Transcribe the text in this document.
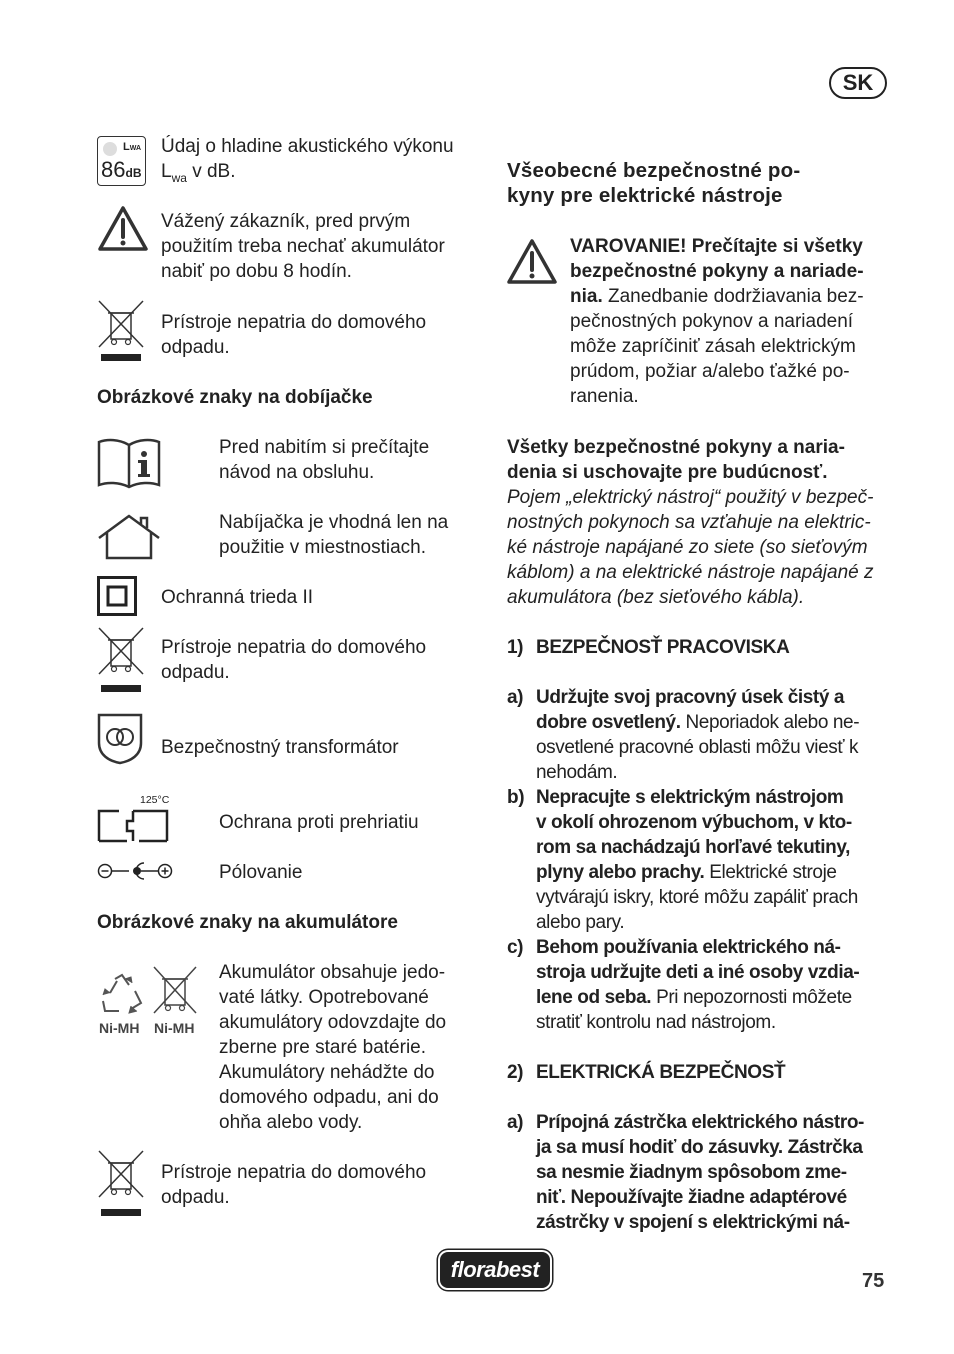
SK
LWA
86dB
Údaj o hladine akustického výkonu
$L_{wa}$ v dB.
Vážený zákazník, pred prvým
použitím treba nechať akumulátor
nabiť po dobu 8 hodín.
Prístroje nepatria do domového
odpadu.
Obrázkové znaky na dobíjačke
Pred nabitím si prečítajte
návod na obsluhu.
Nabíjačka je vhodná len na
použitie v miestnostiach.
Ochranná trieda II
Prístroje nepatria do domového
odpadu.
Bezpečnostný transformátor
125°C
Ochrana proti prehriatiu
Pólovanie
Obrázkové znaky na akumulátore
Ni-MH Ni-MH
Akumulátor obsahuje jedo-
vaté látky. Opotrebované
akumulátory odovzdajte do
zberne pre staré batérie.
Akumulátory nehádžte do
domového odpadu, ani do
ohňa alebo vody.
Prístroje nepatria do domového
odpadu.
Všeobecné bezpečnostné po-
kyny pre elektrické nástroje
VAROVANIE! Prečítajte si všetky
bezpečnostné pokyny a nariade-
nia. Zanedbanie dodržiavania bez-
pečnostných pokynov a nariadení
môže zapríčiniť zásah elektrickým
prúdom, požiar a/alebo ťažké po-
ranenia.
Všetky bezpečnostné pokyny a naria-
denia si uschovajte pre budúcnosť.
Pojem „elektrický nástroj“ použitý v bezpeč-
nostných pokynoch sa vzťahuje na elektric-
ké nástroje napájané zo siete (so sieťovým
káblom) a na elektrické nástroje napájané z
akumulátora (bez sieťového kábla).
1) BEZPEČNOSŤ PRACOVISKA
a) Udržujte svoj pracovný úsek čistý a
dobre osvetlený. Neporiadok alebo ne-
osvetlené pracovné oblasti môžu viesť k
nehodám.
b) Nepracujte s elektrickým nástrojom
v okolí ohrozenom výbuchom, v kto-
rom sa nachádzajú horľavé tekutiny,
plyny alebo prachy. Elektrické stroje
vytvárajú iskry, ktoré môžu zapáliť prach
alebo pary.
c) Behom používania elektrického ná-
stroja udržujte deti a iné osoby vzdia-
lene od seba. Pri nepozornosti môžete
stratiť kontrolu nad nástrojom.
2) ELEKTRICKÁ BEZPEČNOSŤ
a) Prípojná zástrčka elektrického nástro-
ja sa musí hodiť do zásuvky. Zástrčka
sa nesmie žiadnym spôsobom zme-
niť. Nepoužívajte žiadne adaptérové
zástrčky v spojení s elektrickými ná-
florabest	75
